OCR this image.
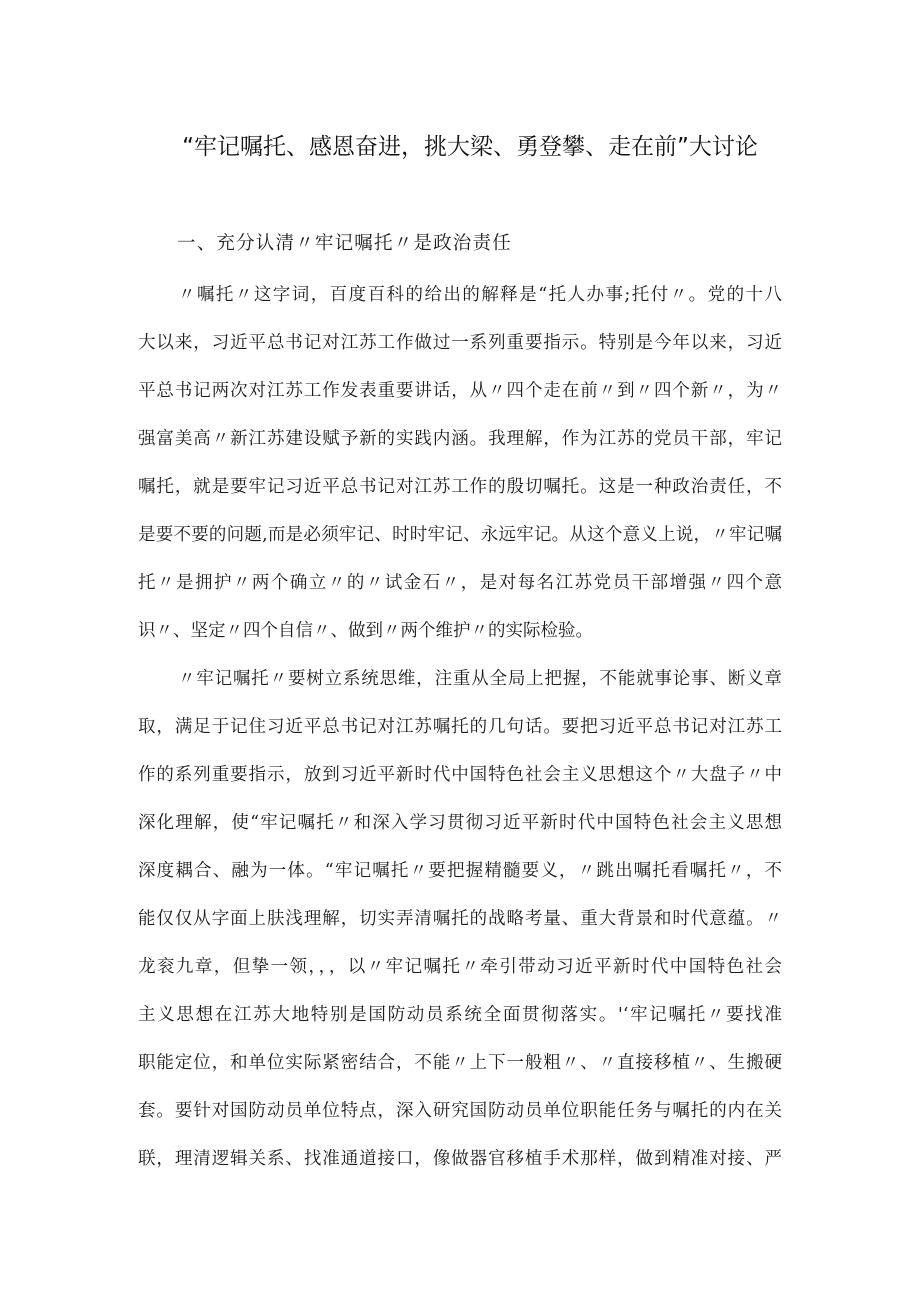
“牢记嘱托、感恩奋进，挑大梁、勇登攀、走在前”大讨论
一、充分认清〃牢记嘱托〃是政治责任
〃嘱托〃这字词，百度百科的给出的解释是“托人办事;托付〃。党的十八
大以来，习近平总书记对江苏工作做过一系列重要指示。特别是今年以来，习近
平总书记两次对江苏工作发表重要讲话，从〃四个走在前〃到〃四个新〃，为〃
强富美高〃新江苏建设赋予新的实践内涵。我理解，作为江苏的党员干部，牢记
嘱托，就是要牢记习近平总书记对江苏工作的殷切嘱托。这是一种政治责任，不
是要不要的问题,而是必须牢记、时时牢记、永远牢记。从这个意义上说，〃牢记嘱
托〃是拥护〃两个确立〃的〃试金石〃，是对每名江苏党员干部增强〃四个意
识〃、坚定〃四个自信〃、做到〃两个维护〃的实际检验。
〃牢记嘱托〃要树立系统思维，注重从全局上把握，不能就事论事、断义章
取，满足于记住习近平总书记对江苏嘱托的几句话。要把习近平总书记对江苏工
作的系列重要指示，放到习近平新时代中国特色社会主义思想这个〃大盘子〃中
深化理解，使“牢记嘱托〃和深入学习贯彻习近平新时代中国特色社会主义思想
深度耦合、融为一体。“牢记嘱托〃要把握精髓要义，〃跳出嘱托看嘱托〃，不
能仅仅从字面上肤浅理解，切实弄清嘱托的战略考量、重大背景和时代意蕴。〃
龙衮九章，但挚一领，，，以〃牢记嘱托〃牵引带动习近平新时代中国特色社会
主义思想在江苏大地特别是国防动员系统全面贯彻落实。'‘牢记嘱托〃要找准
职能定位，和单位实际紧密结合，不能〃上下一般粗〃、〃直接移植〃、生搬硬
套。要针对国防动员单位特点，深入研究国防动员单位职能任务与嘱托的内在关
联，理清逻辑关系、找准通道接口，像做器官移植手术那样，做到精准对接、严
